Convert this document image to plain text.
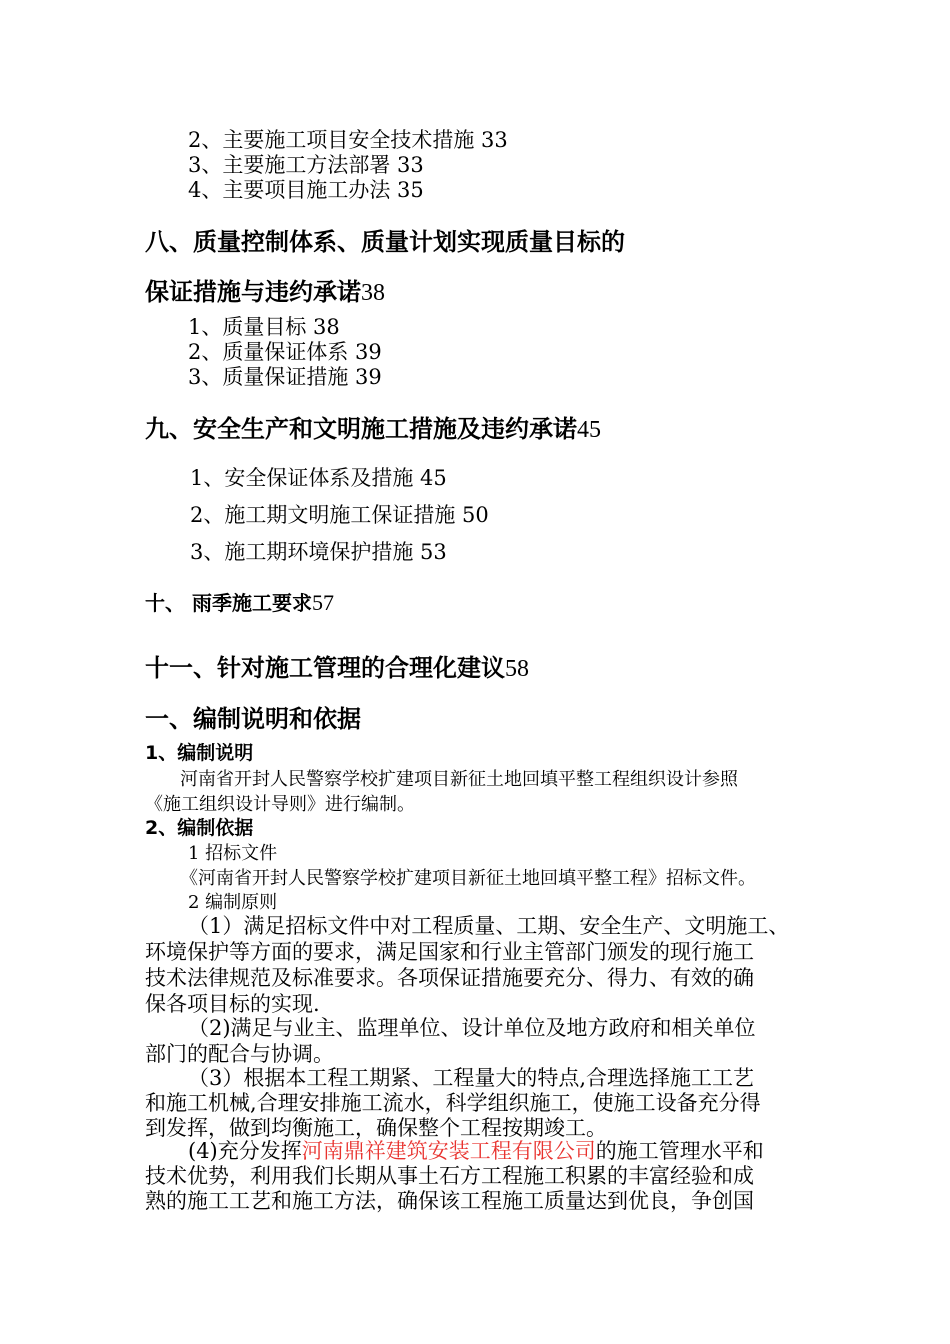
2、主要施工项目安全技术措施 33
3、主要施工方法部署 33
4、主要项目施工办法 35
八、质量控制体系、质量计划实现质量目标的
保证措施与违约承诺38
1、质量目标 38
2、质量保证体系 39
3、质量保证措施 39
九、安全生产和文明施工措施及违约承诺45
1、安全保证体系及措施 45
2、施工期文明施工保证措施 50
3、施工期环境保护措施 53
十、 雨季施工要求57
十一、针对施工管理的合理化建议58
一、编制说明和依据
1、编制说明
河南省开封人民警察学校扩建项目新征土地回填平整工程组织设计参照
《施工组织设计导则》进行编制。
2、编制依据
1 招标文件
《河南省开封人民警察学校扩建项目新征土地回填平整工程》招标文件。
2 编制原则
（1）满足招标文件中对工程质量、工期、安全生产、文明施工、
环境保护等方面的要求，满足国家和行业主管部门颁发的现行施工
技术法律规范及标准要求。各项保证措施要充分、得力、有效的确
保各项目标的实现.
（2)满足与业主、监理单位、设计单位及地方政府和相关单位
部门的配合与协调。
（3）根据本工程工期紧、工程量大的特点,合理选择施工工艺
和施工机械,合理安排施工流水，科学组织施工，使施工设备充分得
到发挥，做到均衡施工，确保整个工程按期竣工。
(4)充分发挥河南鼎祥建筑安装工程有限公司的施工管理水平和
技术优势，利用我们长期从事土石方工程施工积累的丰富经验和成
熟的施工工艺和施工方法，确保该工程施工质量达到优良，争创国
